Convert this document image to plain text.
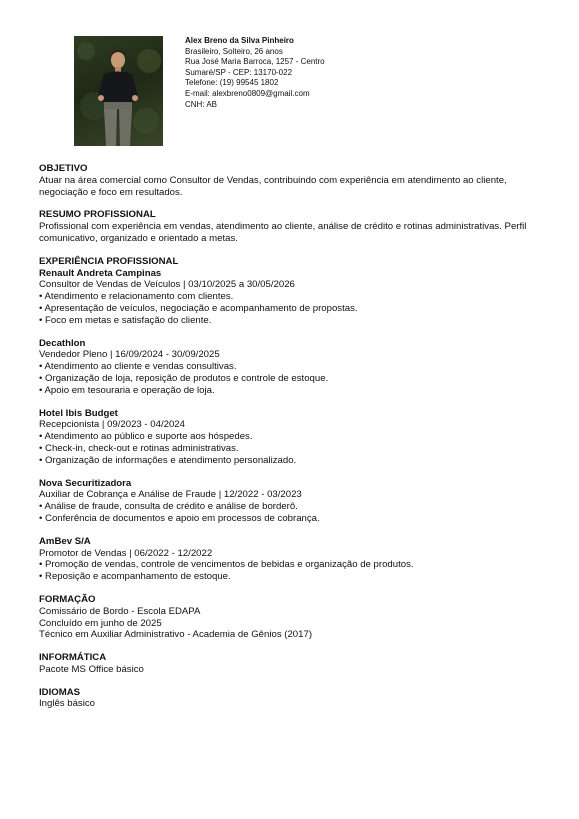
Alex Breno da Silva Pinheiro
Brasileiro, Solteiro, 26 anos
Rua José Maria Barroca, 1257 - Centro
Sumaré/SP - CEP: 13170-022
Telefone: (19) 99545 1802
E-mail: alexbreno0809@gmail.com
CNH: AB
OBJETIVO
Atuar na área comercial como Consultor de Vendas, contribuindo com experiência em atendimento ao cliente, negociação e foco em resultados.
RESUMO PROFISSIONAL
Profissional com experiência em vendas, atendimento ao cliente, análise de crédito e rotinas administrativas. Perfil comunicativo, organizado e orientado a metas.
EXPERIÊNCIA PROFISSIONAL
Renault Andreta Campinas
Consultor de Vendas de Veículos | 03/10/2025 a 30/05/2026
• Atendimento e relacionamento com clientes.
• Apresentação de veículos, negociação e acompanhamento de propostas.
• Foco em metas e satisfação do cliente.
Decathlon
Vendedor Pleno | 16/09/2024 - 30/09/2025
• Atendimento ao cliente e vendas consultivas.
• Organização de loja, reposição de produtos e controle de estoque.
• Apoio em tesouraria e operação de loja.
Hotel Ibis Budget
Recepcionista | 09/2023 - 04/2024
• Atendimento ao público e suporte aos hóspedes.
• Check-in, check-out e rotinas administrativas.
• Organização de informações e atendimento personalizado.
Nova Securitizadora
Auxiliar de Cobrança e Análise de Fraude | 12/2022 - 03/2023
• Análise de fraude, consulta de crédito e análise de borderô.
• Conferência de documentos e apoio em processos de cobrança.
AmBev S/A
Promotor de Vendas | 06/2022 - 12/2022
• Promoção de vendas, controle de vencimentos de bebidas e organização de produtos.
• Reposição e acompanhamento de estoque.
FORMAÇÃO
Comissário de Bordo - Escola EDAPA
Concluído em junho de 2025
Técnico em Auxiliar Administrativo - Academia de Gênios (2017)
INFORMÁTICA
Pacote MS Office básico
IDIOMAS
Inglês básico
